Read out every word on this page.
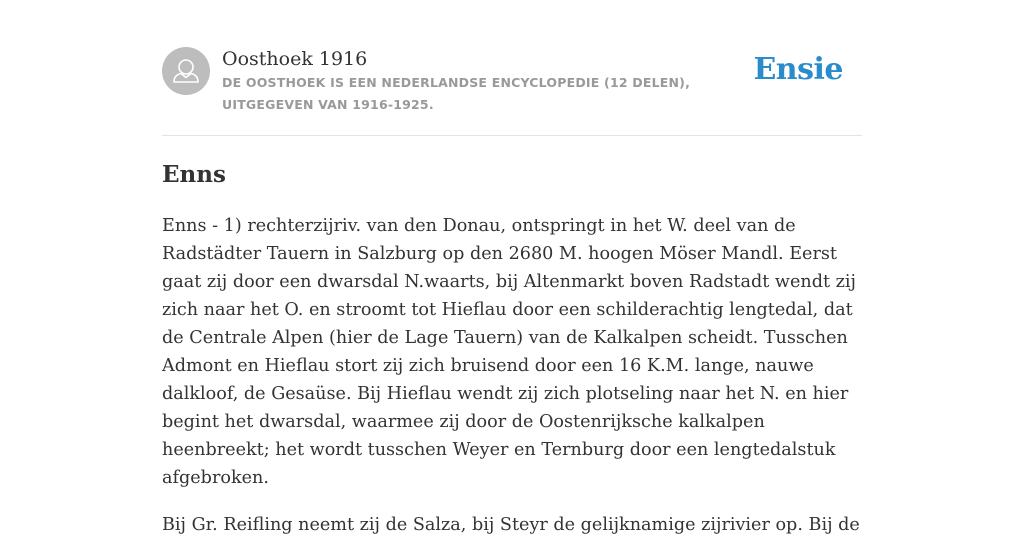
Oosthoek 1916
DE OOSTHOEK IS EEN NEDERLANDSE ENCYCLOPEDIE (12 DELEN), UITGEGEVEN VAN 1916-1925.
Ensie
Enns

Enns - 1) rechterzijriv. van den Donau, ontspringt in het W. deel van de Radstädter Tauern in Salzburg op den 2680 M. hoogen Möser Mandl. Eerst gaat zij door een dwarsdal N.waarts, bij Altenmarkt boven Radstadt wendt zij zich naar het O. en stroomt tot Hieflau door een schilderachtig lengtedal, dat de Centrale Alpen (hier de Lage Tauern) van de Kalkalpen scheidt. Tusschen Admont en Hieflau stort zij zich bruisend door een 16 K.M. lange, nauwe dalkloof, de Gesaüse. Bij Hieflau wendt zij zich plotseling naar het N. en hier begint het dwarsdal, waarmee zij door de Oostenrijksche kalkalpen heenbreekt; het wordt tusschen Weyer en Ternburg door een lengtedalstuk afgebroken.

Bij Gr. Reifling neemt zij de Salza, bij Steyr de gelijknamige zijrivier op. Bij de
